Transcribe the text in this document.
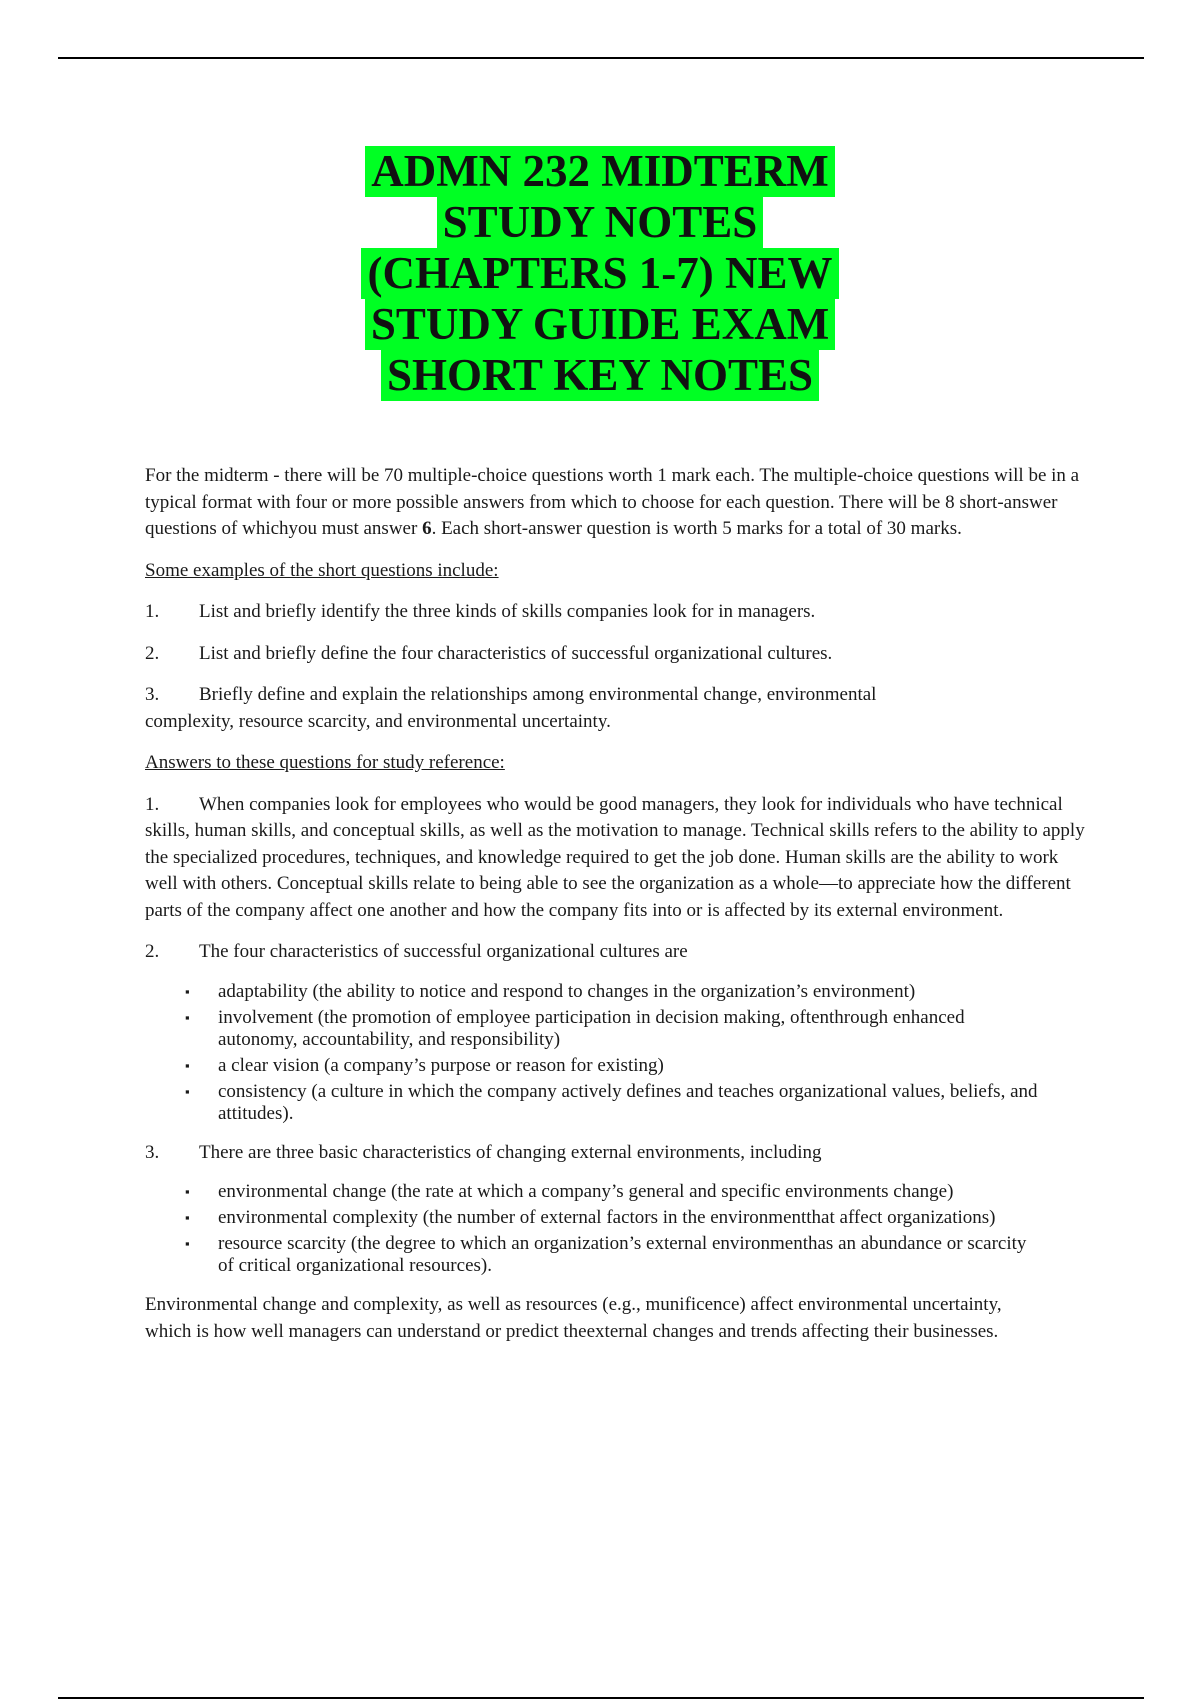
ADMN 232 MIDTERM
STUDY NOTES
(CHAPTERS 1-7) NEW
STUDY GUIDE EXAM
SHORT KEY NOTES

For the midterm - there will be 70 multiple-choice questions worth 1 mark each. The multiple-choice questions will be in a typical format with four or more possible answers from which to choose for each question. There will be 8 short-answer questions of whichyou must answer 6. Each short-answer question is worth 5 marks for a total of 30 marks.

Some examples of the short questions include:

1. List and briefly identify the three kinds of skills companies look for in managers.
2. List and briefly define the four characteristics of successful organizational cultures.
3. Briefly define and explain the relationships among environmental change, environmental complexity, resource scarcity, and environmental uncertainty.

Answers to these questions for study reference:

1. When companies look for employees who would be good managers, they look for individuals who have technical skills, human skills, and conceptual skills, as well as the motivation to manage. Technical skills refers to the ability to apply the specialized procedures, techniques, and knowledge required to get the job done. Human skills are the ability to work well with others. Conceptual skills relate to being able to see the organization as a whole—to appreciate how the different parts of the company affect one another and how the company fits into or is affected by its external environment.
2. The four characteristics of successful organizational cultures are
▪ adaptability (the ability to notice and respond to changes in the organization’s environment)
▪ involvement (the promotion of employee participation in decision making, oftenthrough enhanced autonomy, accountability, and responsibility)
▪ a clear vision (a company’s purpose or reason for existing)
▪ consistency (a culture in which the company actively defines and teaches organizational values, beliefs, and attitudes).
3. There are three basic characteristics of changing external environments, including
▪ environmental change (the rate at which a company’s general and specific environments change)
▪ environmental complexity (the number of external factors in the environmentthat affect organizations)
▪ resource scarcity (the degree to which an organization’s external environmenthas an abundance or scarcity of critical organizational resources).

Environmental change and complexity, as well as resources (e.g., munificence) affect environmental uncertainty, which is how well managers can understand or predict theexternal changes and trends affecting their businesses.
